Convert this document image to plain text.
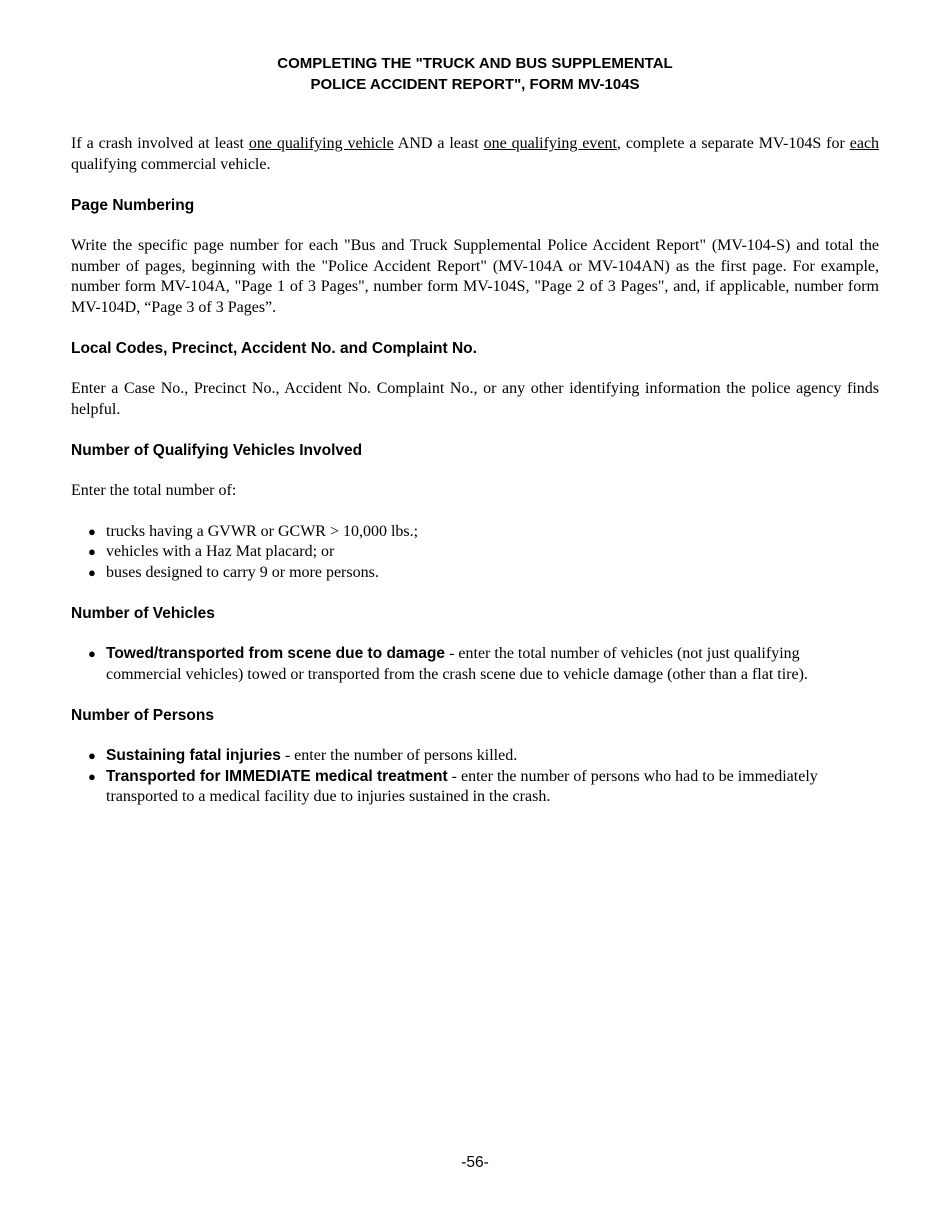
COMPLETING THE "TRUCK AND BUS SUPPLEMENTAL
POLICE ACCIDENT REPORT", FORM MV-104S

If a crash involved at least one qualifying vehicle AND a least one qualifying event, complete a separate MV-104S for each qualifying commercial vehicle.

Page Numbering

Write the specific page number for each "Bus and Truck Supplemental Police Accident Report" (MV-104-S) and total the number of pages, beginning with the "Police Accident Report" (MV-104A or MV-104AN) as the first page. For example, number form MV-104A, "Page 1 of 3 Pages", number form MV-104S, "Page 2 of 3 Pages", and, if applicable, number form MV-104D, “Page 3 of 3 Pages”.

Local Codes, Precinct, Accident No. and Complaint No.

Enter a Case No., Precinct No., Accident No. Complaint No., or any other identifying information the police agency finds helpful.

Number of Qualifying Vehicles Involved

Enter the total number of:

● trucks having a GVWR or GCWR > 10,000 lbs.;
● vehicles with a Haz Mat placard; or
● buses designed to carry 9 or more persons.
Number of Vehicles
● Towed/transported from scene due to damage - enter the total number of vehicles (not just qualifying commercial vehicles) towed or transported from the crash scene due to vehicle damage (other than a flat tire).
Number of Persons
● Sustaining fatal injuries - enter the number of persons killed.
● Transported for IMMEDIATE medical treatment - enter the number of persons who had to be immediately transported to a medical facility due to injuries sustained in the crash.
-56-
